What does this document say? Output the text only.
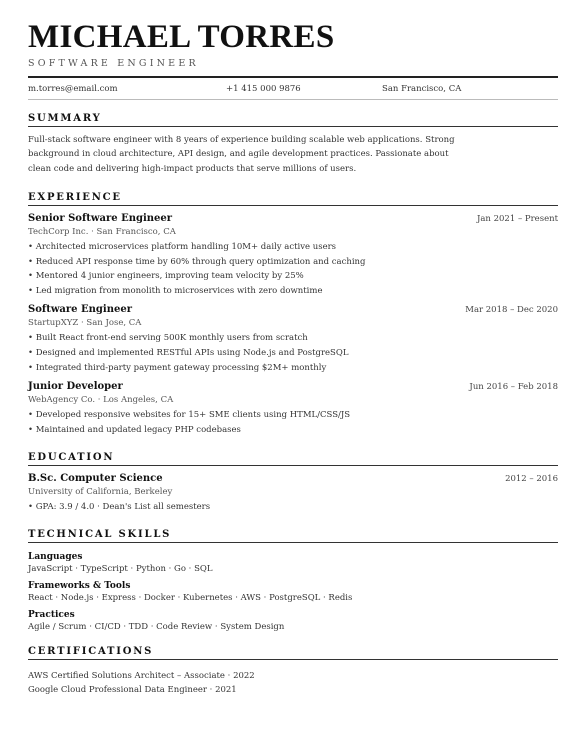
MICHAEL TORRES
SOFTWARE ENGINEER
m.torres@email.com	+1 415 000 9876	San Francisco, CA
SUMMARY
Full-stack software engineer with 8 years of experience building scalable web applications. Strong
background in cloud architecture, API design, and agile development practices. Passionate about
clean code and delivering high-impact products that serve millions of users.
EXPERIENCE
Senior Software Engineer	Jan 2021 – Present
TechCorp Inc. · San Francisco, CA
• Architected microservices platform handling 10M+ daily active users
• Reduced API response time by 60% through query optimization and caching
• Mentored 4 junior engineers, improving team velocity by 25%
• Led migration from monolith to microservices with zero downtime
Software Engineer	Mar 2018 – Dec 2020
StartupXYZ · San Jose, CA
• Built React front-end serving 500K monthly users from scratch
• Designed and implemented RESTful APIs using Node.js and PostgreSQL
• Integrated third-party payment gateway processing $2M+ monthly
Junior Developer	Jun 2016 – Feb 2018
WebAgency Co. · Los Angeles, CA
• Developed responsive websites for 15+ SME clients using HTML/CSS/JS
• Maintained and updated legacy PHP codebases
EDUCATION
B.Sc. Computer Science	2012 – 2016
University of California, Berkeley
• GPA: 3.9 / 4.0 · Dean's List all semesters
TECHNICAL SKILLS
Languages
JavaScript · TypeScript · Python · Go · SQL
Frameworks & Tools
React · Node.js · Express · Docker · Kubernetes · AWS · PostgreSQL · Redis
Practices
Agile / Scrum · CI/CD · TDD · Code Review · System Design
CERTIFICATIONS
AWS Certified Solutions Architect – Associate · 2022
Google Cloud Professional Data Engineer · 2021
